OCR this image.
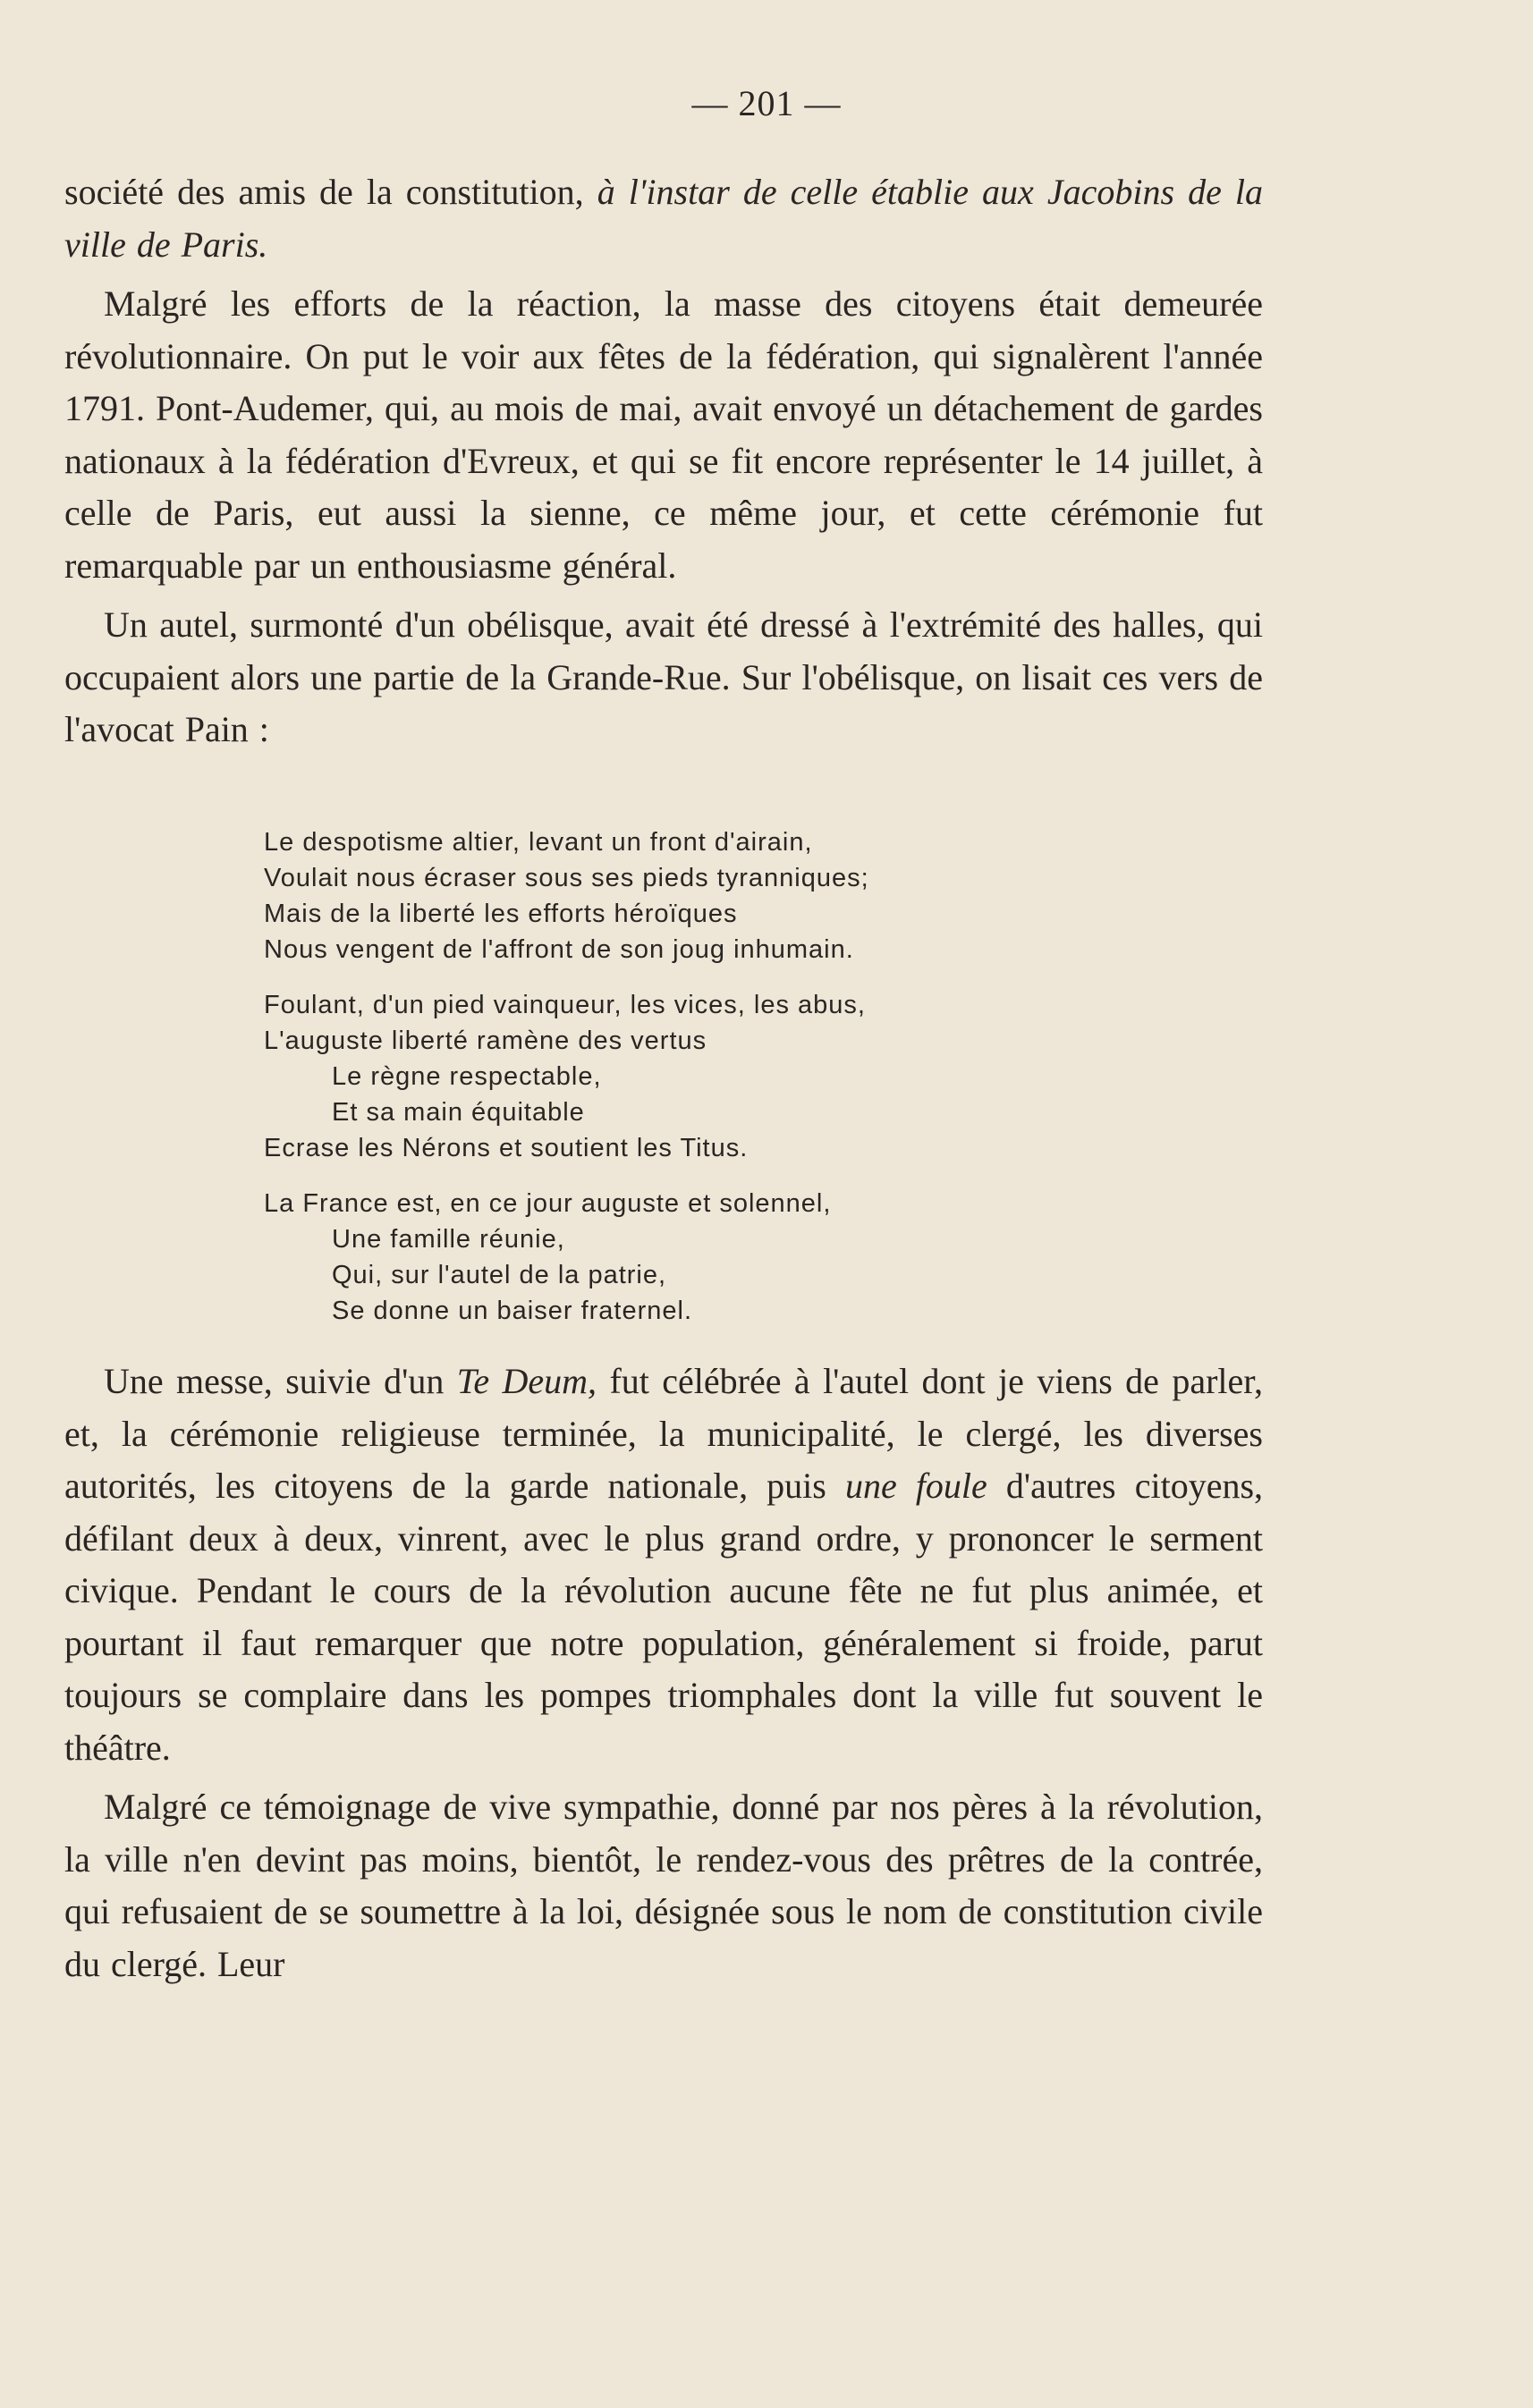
— 201 —

société des amis de la constitution, à l'instar de celle établie aux Jacobins de la ville de Paris.

Malgré les efforts de la réaction, la masse des citoyens était demeurée révolutionnaire. On put le voir aux fêtes de la fédération, qui signalèrent l'année 1791. Pont-Audemer, qui, au mois de mai, avait envoyé un détachement de gardes nationaux à la fédération d'Evreux, et qui se fit encore représenter le 14 juillet, à celle de Paris, eut aussi la sienne, ce même jour, et cette cérémonie fut remarquable par un enthousiasme général.

Un autel, surmonté d'un obélisque, avait été dressé à l'extrémité des halles, qui occupaient alors une partie de la Grande-Rue. Sur l'obélisque, on lisait ces vers de l'avocat Pain :

Le despotisme altier, levant un front d'airain,
Voulait nous écraser sous ses pieds tyranniques;
Mais de la liberté les efforts héroïques
Nous vengent de l'affront de son joug inhumain.
Foulant, d'un pied vainqueur, les vices, les abus,
L'auguste liberté ramène des vertus
Le règne respectable,
Et sa main équitable
Ecrase les Nérons et soutient les Titus.
La France est, en ce jour auguste et solennel,
Une famille réunie,
Qui, sur l'autel de la patrie,
Se donne un baiser fraternel.

Une messe, suivie d'un Te Deum, fut célébrée à l'autel dont je viens de parler, et, la cérémonie religieuse terminée, la municipalité, le clergé, les diverses autorités, les citoyens de la garde nationale, puis une foule d'autres citoyens, défilant deux à deux, vinrent, avec le plus grand ordre, y prononcer le serment civique. Pendant le cours de la révolution aucune fête ne fut plus animée, et pourtant il faut remarquer que notre population, généralement si froide, parut toujours se complaire dans les pompes triomphales dont la ville fut souvent le théâtre.

Malgré ce témoignage de vive sympathie, donné par nos pères à la révolution, la ville n'en devint pas moins, bientôt, le rendez-vous des prêtres de la contrée, qui refusaient de se soumettre à la loi, désignée sous le nom de constitution civile du clergé. Leur
